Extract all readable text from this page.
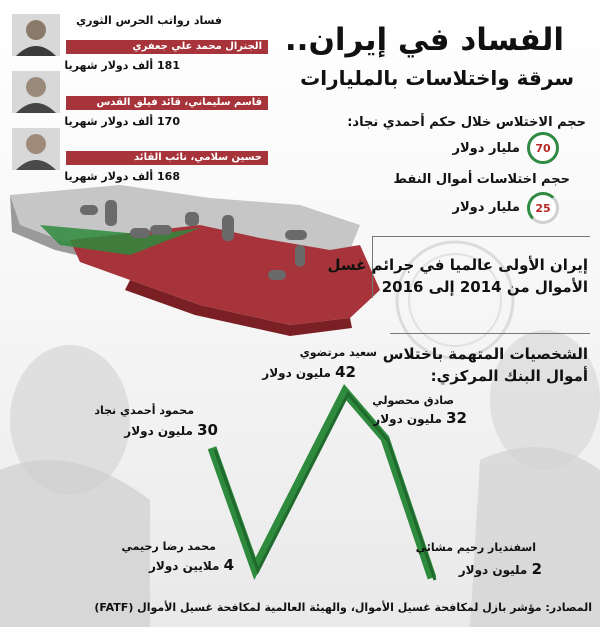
الفساد في إيران..
سرقة واختلاسات بالمليارات
حجم الاختلاس خلال حكم أحمدي نجاد:
70
مليار دولار
حجم اختلاسات أموال النفط
25
مليار دولار
فساد رواتب الحرس الثوري
الجنرال محمد علي جعفري
181 ألف دولار شهريا
قاسم سليماني، قائد فيلق القدس
170 ألف دولار شهريا
حسين سلامي، نائب القائد
168 ألف دولار شهريا
إيران الأولى عالميا في جرائم غسل
الأموال من 2014 إلى 2016
الشخصيات المتهمة باختلاس
أموال البنك المركزي:
سعيد مرتضوي
42 مليون دولار
محمود أحمدي نجاد
30 مليون دولار
صادق محصولي
32 مليون دولار
محمد رضا رحيمي
4 ملايين دولار
اسفنديار رحيم مشائي
2 مليون دولار
المصادر: مؤشر بازل لمكافحة غسيل الأموال، والهيئة العالمية لمكافحة غسيل الأموال (FATF)
